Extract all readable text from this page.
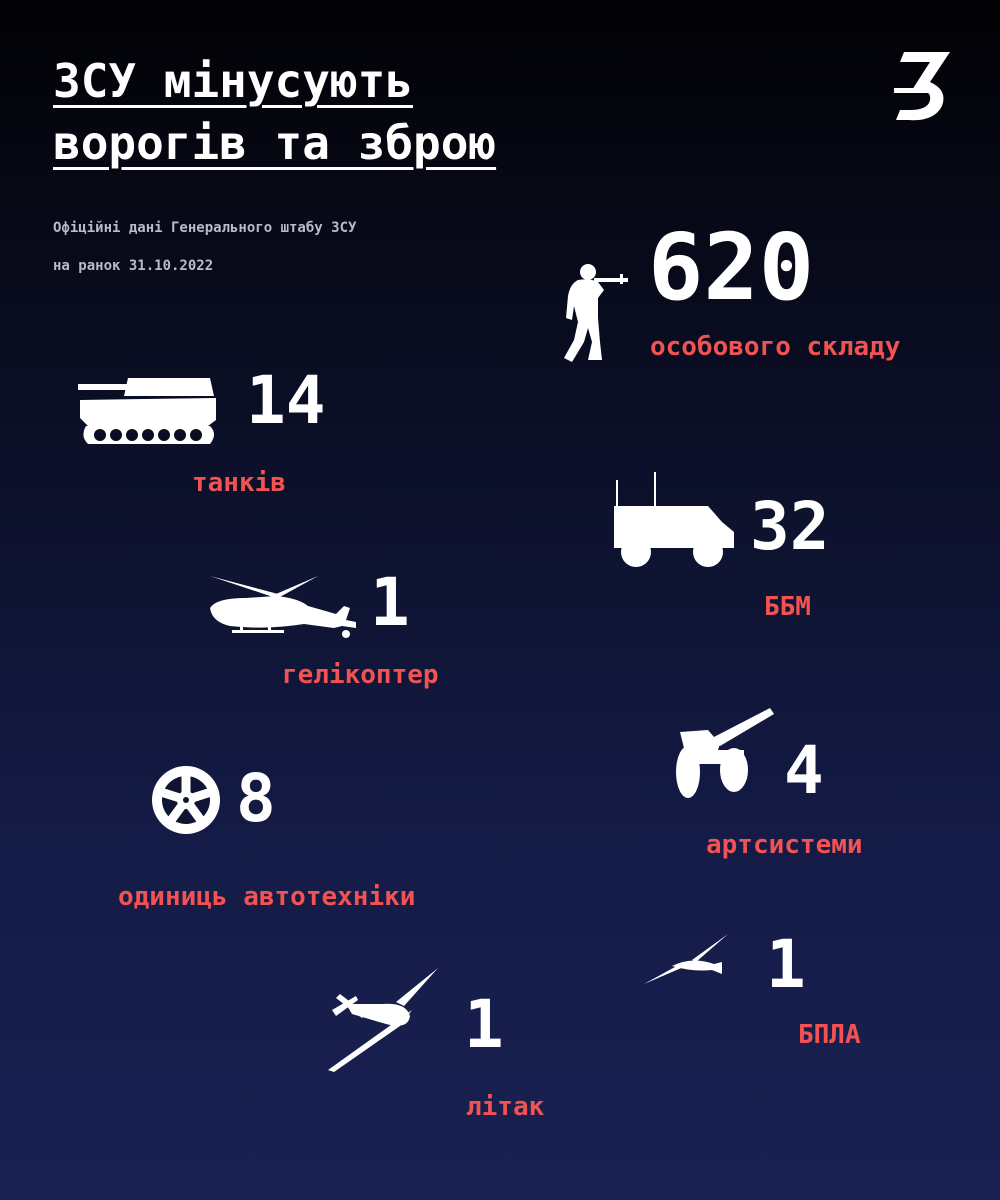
ЗСУ мінусують
ворогів та зброю
Офіційні дані Генерального штабу ЗСУ
на ранок 31.10.2022	620
особового складу
14
танків
32
ББМ
1
гелікоптер
4
артсистеми
8
одиниць автотехніки
1
БПЛА
1
літак
